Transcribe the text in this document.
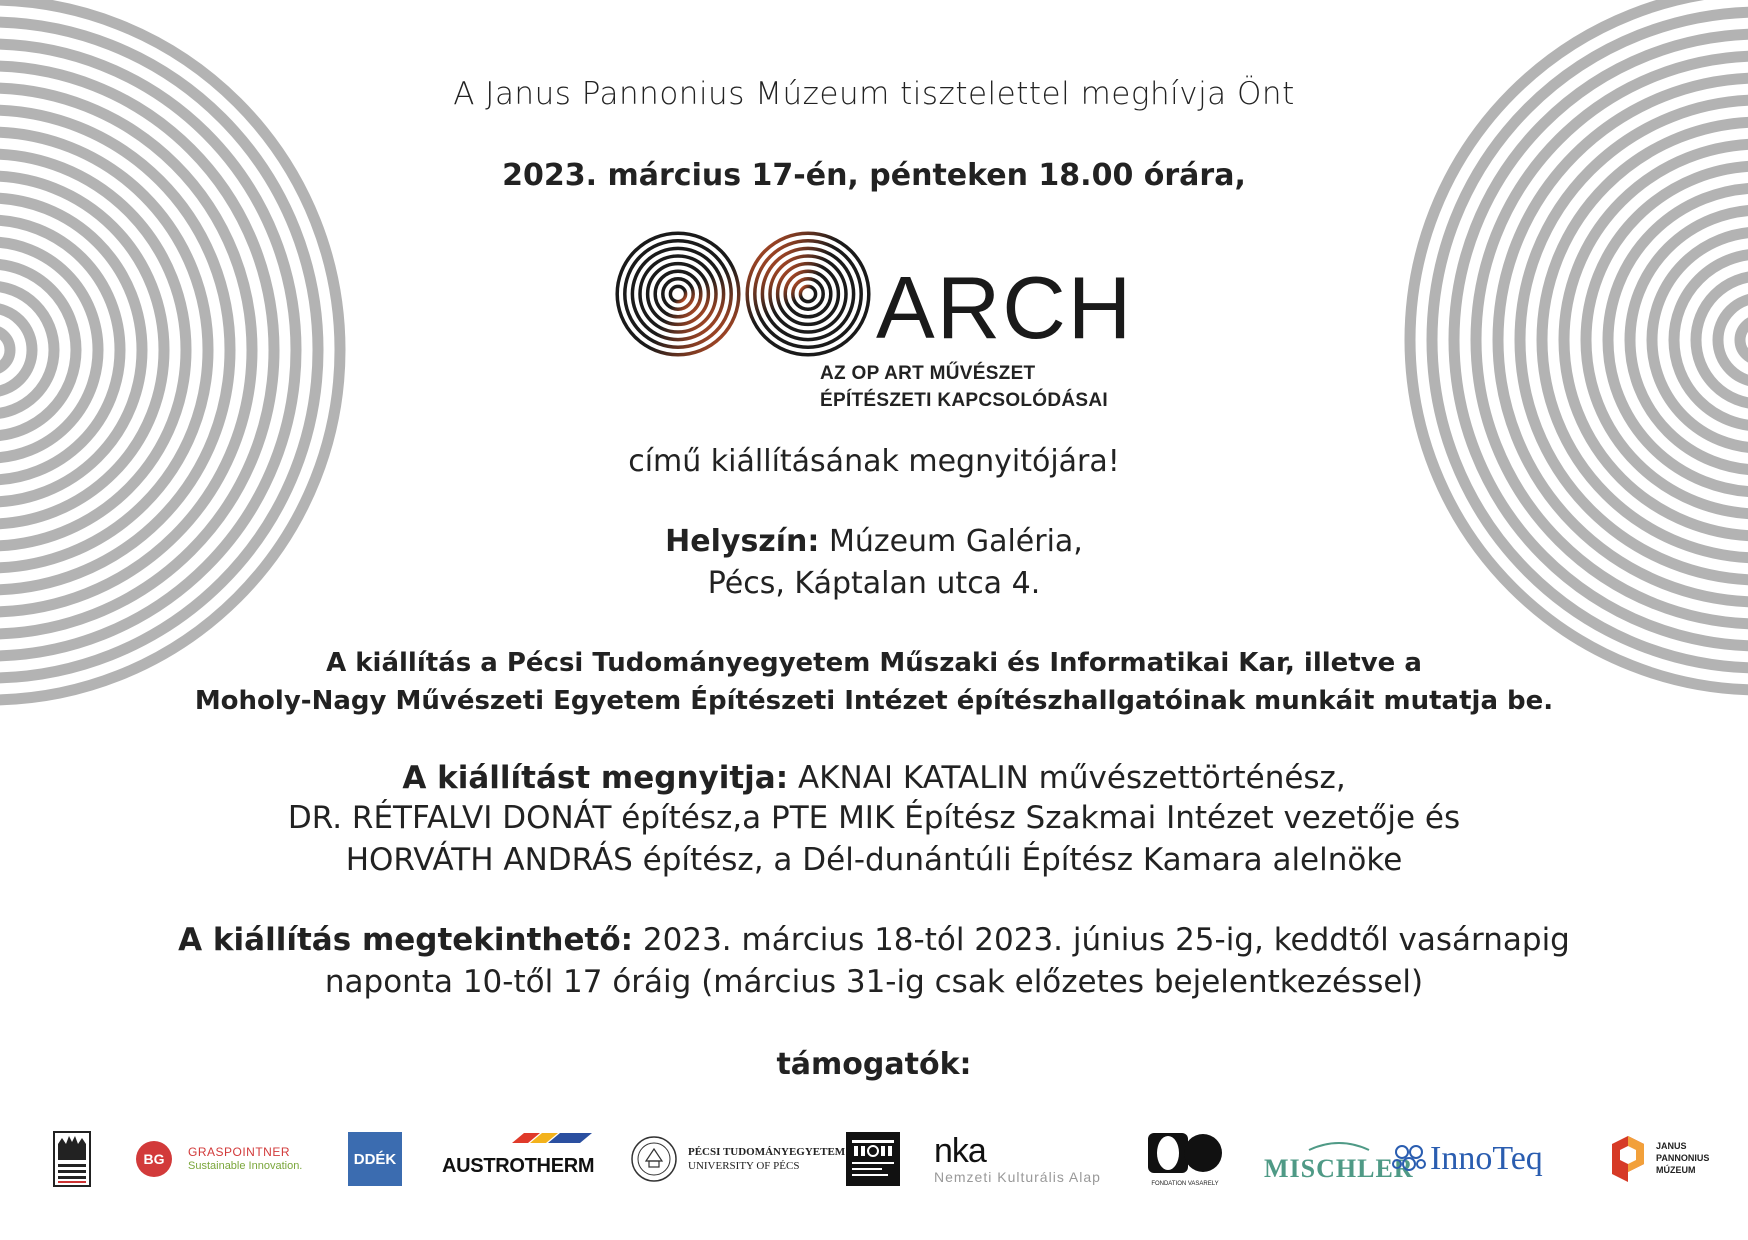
A Janus Pannonius Múzeum tisztelettel meghívja Önt
2023. március 17-én, pénteken 18.00 órára,
ARCH
AZ OP ART MŰVÉSZET
ÉPÍTÉSZETI KAPCSOLÓDÁSAI
című kiállításának megnyitójára!
Helyszín: Múzeum Galéria,
Pécs, Káptalan utca 4.
A kiállítás a Pécsi Tudományegyetem Műszaki és Informatikai Kar, illetve a
Moholy-Nagy Művészeti Egyetem Építészeti Intézet építészhallgatóinak munkáit mutatja be.
A kiállítást megnyitja: AKNAI KATALIN művészettörténész,
DR. RÉTFALVI DONÁT építész,a PTE MIK Építész Szakmai Intézet vezetője és
HORVÁTH ANDRÁS építész, a Dél-dunántúli Építész Kamara alelnöke
A kiállítás megtekinthető: 2023. március 18-tól 2023. június 25-ig, keddtől vasárnapig
naponta 10-től 17 óráig (március 31-ig csak előzetes bejelentkezéssel)
támogatók:
BG GRASPOINTNER
Sustainable Innovation.	DDÉK AUSTROTHERM
PÉCSI TUDOMÁNYEGYETEM
UNIVERSITY OF PÉCS	nka
Nemzeti Kulturális Alap	FONDATION VASARELY
MISCHLER InnoTeq	JANUS
PANNONIUS
MÚZEUM
